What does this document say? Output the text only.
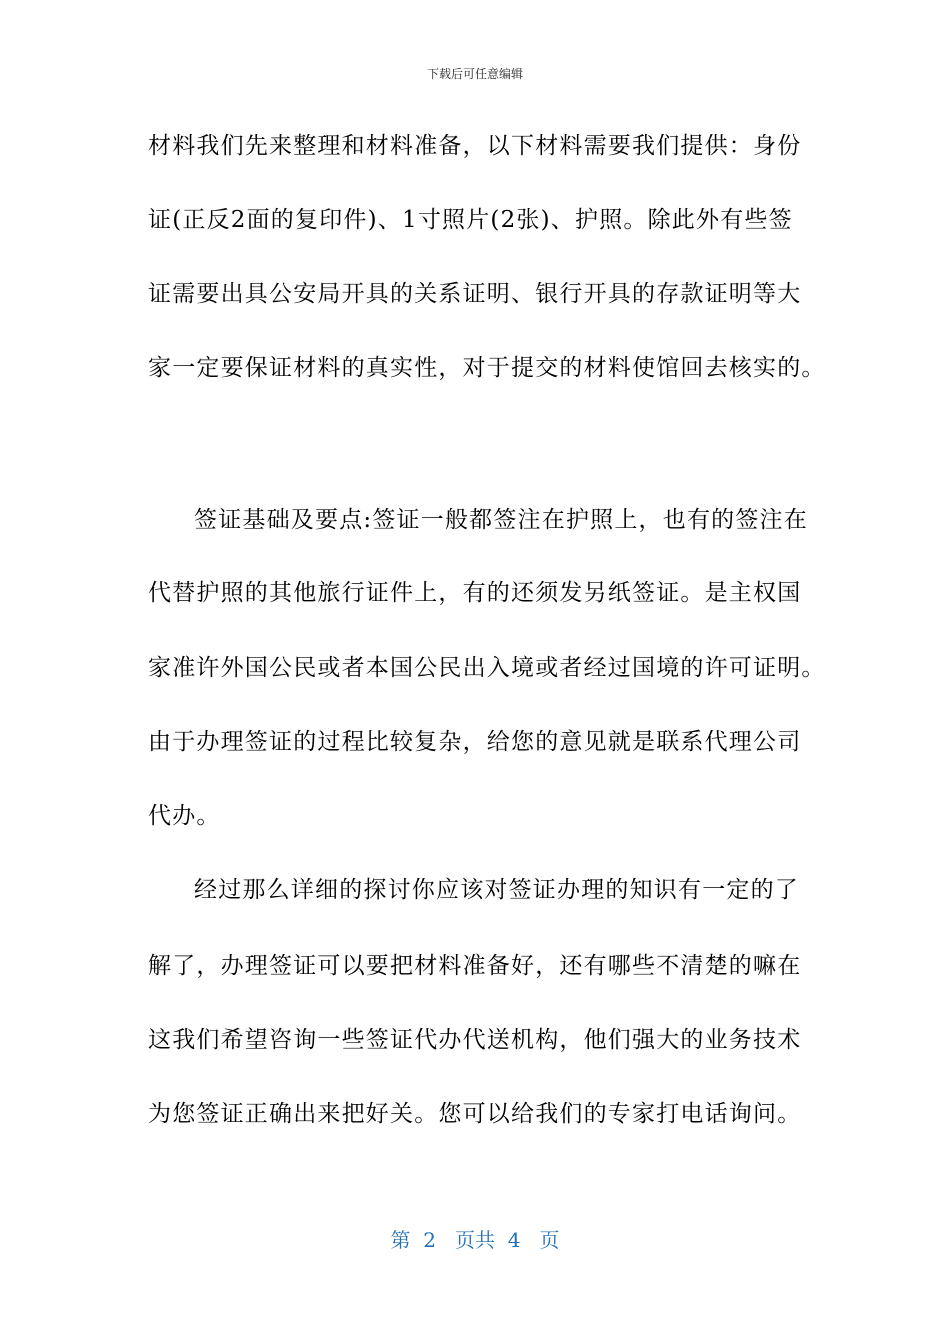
下载后可任意编辑
材料我们先来整理和材料准备，以下材料需要我们提供：身份
证(正反2面的复印件)、1寸照片(2张)、护照。除此外有些签
证需要出具公安局开具的关系证明、银行开具的存款证明等大
家一定要保证材料的真实性，对于提交的材料使馆回去核实的。
签证基础及要点:签证一般都签注在护照上，也有的签注在
代替护照的其他旅行证件上，有的还须发另纸签证。是主权国
家准许外国公民或者本国公民出入境或者经过国境的许可证明。
由于办理签证的过程比较复杂，给您的意见就是联系代理公司
代办。
经过那么详细的探讨你应该对签证办理的知识有一定的了
解了，办理签证可以要把材料准备好，还有哪些不清楚的嘛在
这我们希望咨询一些签证代办代送机构，他们强大的业务技术
为您签证正确出来把好关。您可以给我们的专家打电话询问。
第  2   页共  4   页
